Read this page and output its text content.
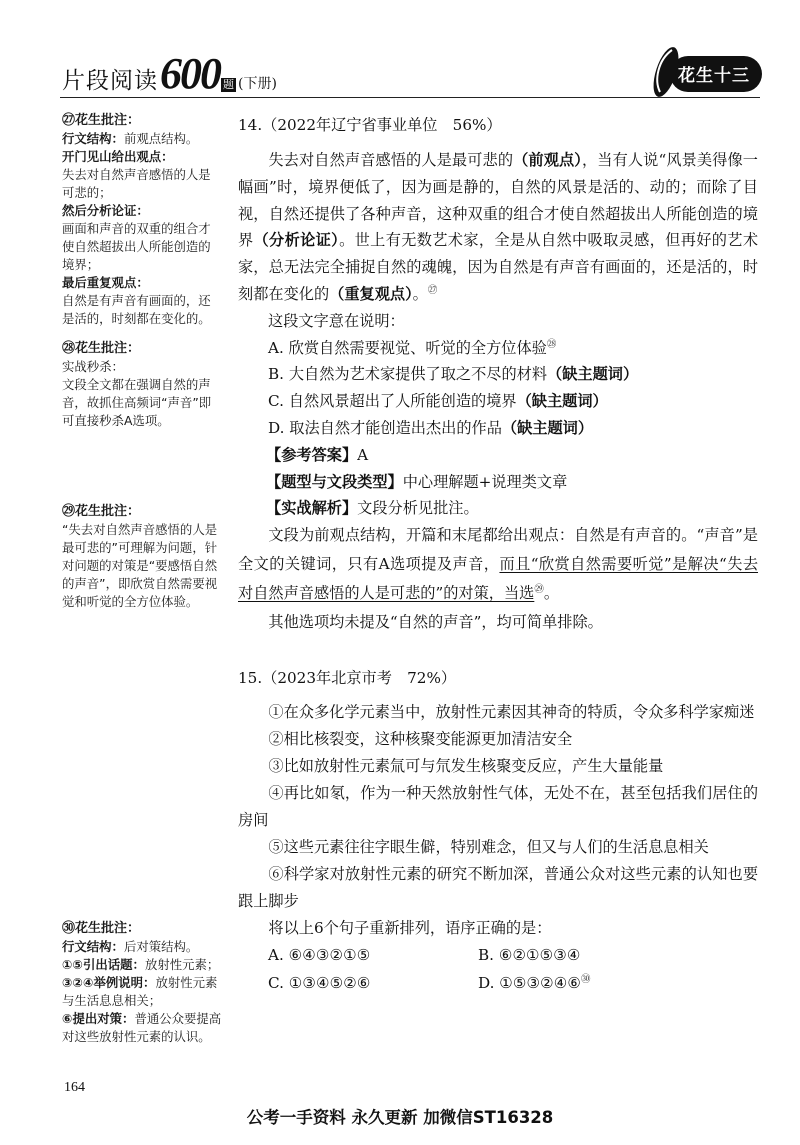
片段阅读 600 题 (下册)	花生十三
㉗花生批注：
行文结构：前观点结构。
开门见山给出观点：
失去对自然声音感悟的人是可悲的；
然后分析论证：
画面和声音的双重的组合才使自然超拔出人所能创造的境界；
最后重复观点：
自然是有声音有画面的，还是活的，时刻都在变化的。
㉘花生批注：
实战秒杀：
文段全文都在强调自然的声音，故抓住高频词“声音”即可直接秒杀A选项。
㉙花生批注：
“失去对自然声音感悟的人是最可悲的”可理解为问题，针对问题的对策是“要感悟自然的声音”，即欣赏自然需要视觉和听觉的全方位体验。
㉚花生批注：
行文结构：后对策结构。
①⑤引出话题：放射性元素；
③②④举例说明：放射性元素与生活息息相关；
⑥提出对策：普通公众要提高对这些放射性元素的认识。
14.（2022年辽宁省事业单位　56%）

失去对自然声音感悟的人是最可悲的（前观点），当有人说“风景美得像一幅画”时，境界便低了，因为画是静的，自然的风景是活的、动的；而除了目视，自然还提供了各种声音，这种双重的组合才使自然超拔出人所能创造的境界（分析论证）。世上有无数艺术家，全是从自然中吸取灵感，但再好的艺术家，总无法完全捕捉自然的魂魄，因为自然是有声音有画面的，还是活的，时刻都在变化的（重复观点）。$^㉗$

这段文字意在说明：
A. 欣赏自然需要视觉、听觉的全方位体验$^㉘$
B. 大自然为艺术家提供了取之不尽的材料（缺主题词）
C. 自然风景超出了人所能创造的境界（缺主题词）
D. 取法自然才能创造出杰出的作品（缺主题词）
【参考答案】A
【题型与文段类型】中心理解题+说理类文章
【实战解析】文段分析见批注。

文段为前观点结构，开篇和末尾都给出观点：自然是有声音的。“声音”是全文的关键词，只有A选项提及声音，而且“欣赏自然需要听觉”是解决“失去对自然声音感悟的人是可悲的”的对策，当选$^㉙$。

其他选项均未提及“自然的声音”，均可简单排除。

15.（2023年北京市考　72%）

①在众多化学元素当中，放射性元素因其神奇的特质，令众多科学家痴迷

②相比核裂变，这种核聚变能源更加清洁安全

③比如放射性元素氚可与氘发生核聚变反应，产生大量能量

④再比如氡，作为一种天然放射性气体，无处不在，甚至包括我们居住的房间

⑤这些元素往往字眼生僻，特别难念，但又与人们的生活息息相关

⑥科学家对放射性元素的研究不断加深，普通公众对这些元素的认知也要跟上脚步

将以上6个句子重新排列，语序正确的是：

A. ⑥④③②①⑤	B. ⑥②①⑤③④
C. ①③④⑤②⑥	D. ①⑤③②④⑥$^㉚$
164
公考一手资料 永久更新 加微信ST16328
